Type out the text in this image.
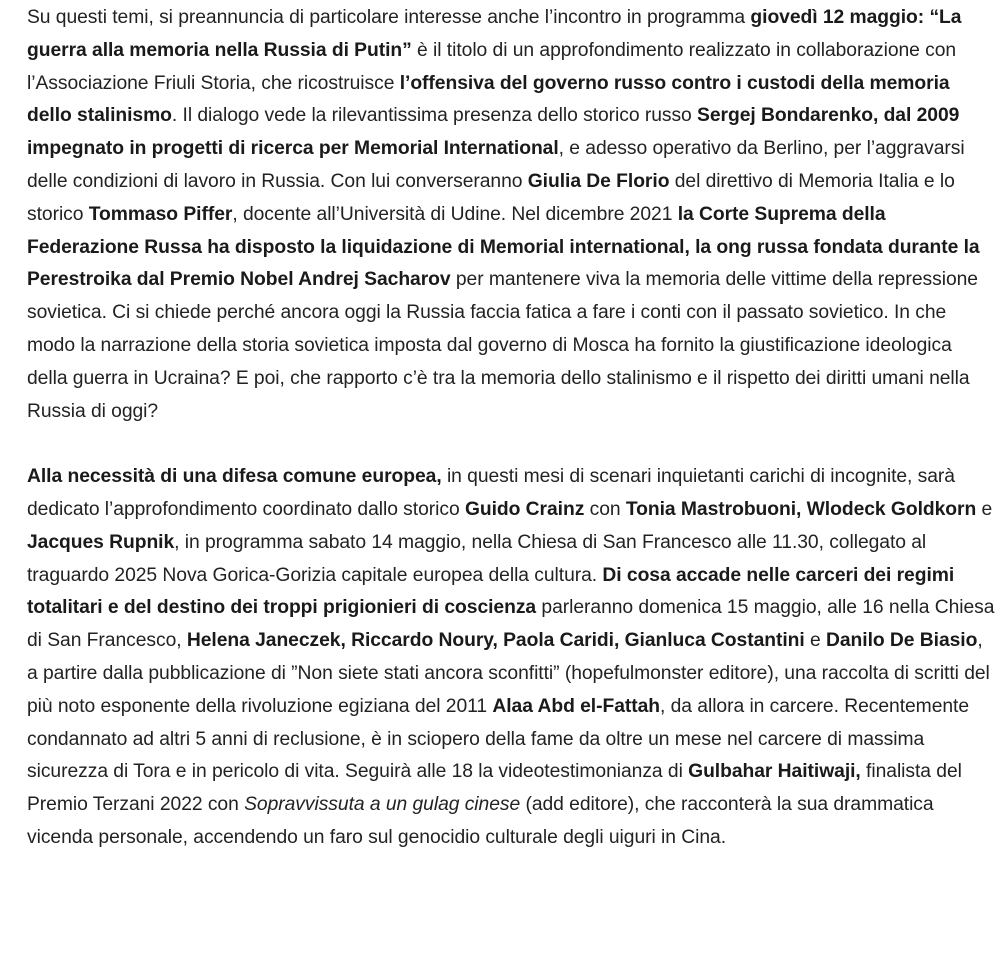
Su questi temi, si preannuncia di particolare interesse anche l’incontro in programma giovedì 12 maggio: “La guerra alla memoria nella Russia di Putin” è il titolo di un approfondimento realizzato in collaborazione con l’Associazione Friuli Storia, che ricostruisce l’offensiva del governo russo contro i custodi della memoria dello stalinismo. Il dialogo vede la rilevantissima presenza dello storico russo Sergej Bondarenko, dal 2009 impegnato in progetti di ricerca per Memorial International, e adesso operativo da Berlino, per l’aggravarsi delle condizioni di lavoro in Russia. Con lui converseranno Giulia De Florio del direttivo di Memoria Italia e lo storico Tommaso Piffer, docente all’Università di Udine. Nel dicembre 2021 la Corte Suprema della Federazione Russa ha disposto la liquidazione di Memorial international, la ong russa fondata durante la Perestroika dal Premio Nobel Andrej Sacharov per mantenere viva la memoria delle vittime della repressione sovietica. Ci si chiede perché ancora oggi la Russia faccia fatica a fare i conti con il passato sovietico. In che modo la narrazione della storia sovietica imposta dal governo di Mosca ha fornito la giustificazione ideologica della guerra in Ucraina? E poi, che rapporto c’è tra la memoria dello stalinismo e il rispetto dei diritti umani nella Russia di oggi?

Alla necessità di una difesa comune europea, in questi mesi di scenari inquietanti carichi di incognite, sarà dedicato l’approfondimento coordinato dallo storico Guido Crainz con Tonia Mastrobuoni, Wlodeck Goldkorn e Jacques Rupnik, in programma sabato 14 maggio, nella Chiesa di San Francesco alle 11.30, collegato al traguardo 2025 Nova Gorica-Gorizia capitale europea della cultura. Di cosa accade nelle carceri dei regimi totalitari e del destino dei troppi prigionieri di coscienza parleranno domenica 15 maggio, alle 16 nella Chiesa di San Francesco, Helena Janeczek, Riccardo Noury, Paola Caridi, Gianluca Costantini e Danilo De Biasio, a partire dalla pubblicazione di ”Non siete stati ancora sconfitti” (hopefulmonster editore), una raccolta di scritti del più noto esponente della rivoluzione egiziana del 2011 Alaa Abd el-Fattah, da allora in carcere. Recentemente condannato ad altri 5 anni di reclusione, è in sciopero della fame da oltre un mese nel carcere di massima sicurezza di Tora e in pericolo di vita. Seguirà alle 18 la videotestimonianza di Gulbahar Haitiwaji, finalista del Premio Terzani 2022 con Sopravvissuta a un gulag cinese (add editore), che racconterà la sua drammatica vicenda personale, accendendo un faro sul genocidio culturale degli uiguri in Cina.
